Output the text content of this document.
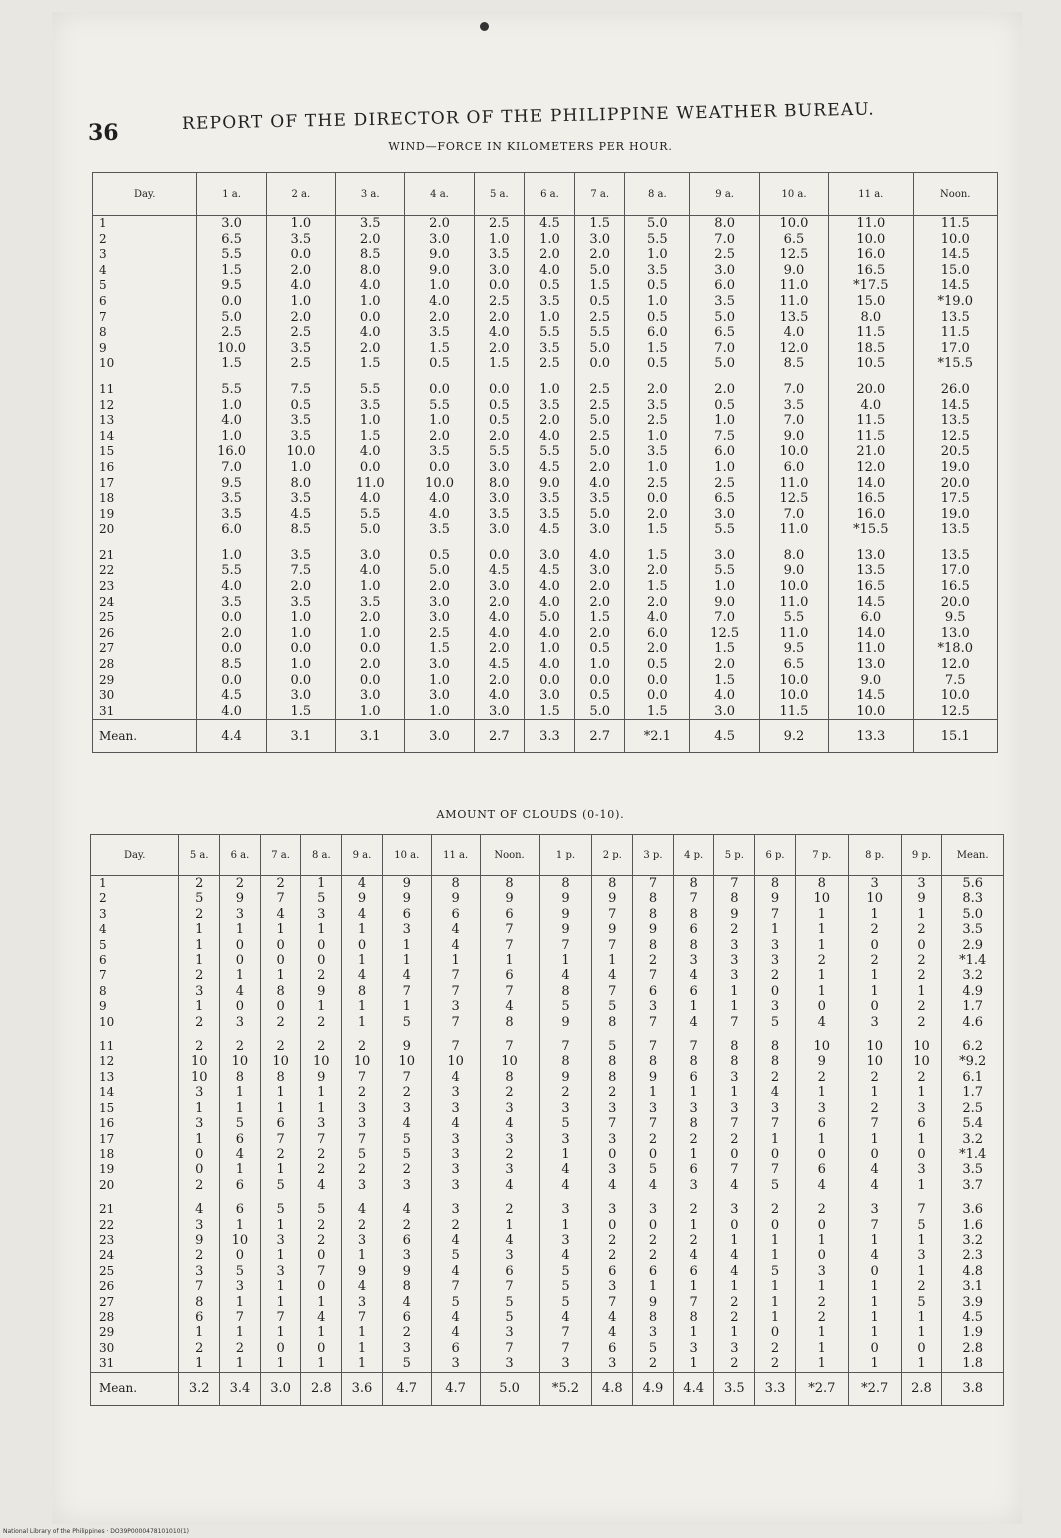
36	REPORT OF THE DIRECTOR OF THE PHILIPPINE WEATHER BUREAU.
WIND—FORCE IN KILOMETERS PER HOUR.
Day.	1 a.	2 a.	3 a.	4 a.	5 a.	6 a.	7 a.	8 a.	9 a.	10 a.	11 a.	Noon.
1	3.0	1.0	3.5	2.0	2.5	4.5	1.5	5.0	8.0	10.0	11.0	11.5
2	6.5	3.5	2.0	3.0	1.0	1.0	3.0	5.5	7.0	6.5	10.0	10.0
3	5.5	0.0	8.5	9.0	3.5	2.0	2.0	1.0	2.5	12.5	16.0	14.5
4	1.5	2.0	8.0	9.0	3.0	4.0	5.0	3.5	3.0	9.0	16.5	15.0
5	9.5	4.0	4.0	1.0	0.0	0.5	1.5	0.5	6.0	11.0	*17.5	14.5
6	0.0	1.0	1.0	4.0	2.5	3.5	0.5	1.0	3.5	11.0	15.0	*19.0
7	5.0	2.0	0.0	2.0	2.0	1.0	2.5	0.5	5.0	13.5	8.0	13.5
8	2.5	2.5	4.0	3.5	4.0	5.5	5.5	6.0	6.5	4.0	11.5	11.5
9	10.0	3.5	2.0	1.5	2.0	3.5	5.0	1.5	7.0	12.0	18.5	17.0
10	1.5	2.5	1.5	0.5	1.5	2.5	0.0	0.5	5.0	8.5	10.5	*15.5

11	5.5	7.5	5.5	0.0	0.0	1.0	2.5	2.0	2.0	7.0	20.0	26.0
12	1.0	0.5	3.5	5.5	0.5	3.5	2.5	3.5	0.5	3.5	4.0	14.5
13	4.0	3.5	1.0	1.0	0.5	2.0	5.0	2.5	1.0	7.0	11.5	13.5
14	1.0	3.5	1.5	2.0	2.0	4.0	2.5	1.0	7.5	9.0	11.5	12.5
15	16.0	10.0	4.0	3.5	5.5	5.5	5.0	3.5	6.0	10.0	21.0	20.5
16	7.0	1.0	0.0	0.0	3.0	4.5	2.0	1.0	1.0	6.0	12.0	19.0
17	9.5	8.0	11.0	10.0	8.0	9.0	4.0	2.5	2.5	11.0	14.0	20.0
18	3.5	3.5	4.0	4.0	3.0	3.5	3.5	0.0	6.5	12.5	16.5	17.5
19	3.5	4.5	5.5	4.0	3.5	3.5	5.0	2.0	3.0	7.0	16.0	19.0
20	6.0	8.5	5.0	3.5	3.0	4.5	3.0	1.5	5.5	11.0	*15.5	13.5

21	1.0	3.5	3.0	0.5	0.0	3.0	4.0	1.5	3.0	8.0	13.0	13.5
22	5.5	7.5	4.0	5.0	4.5	4.5	3.0	2.0	5.5	9.0	13.5	17.0
23	4.0	2.0	1.0	2.0	3.0	4.0	2.0	1.5	1.0	10.0	16.5	16.5
24	3.5	3.5	3.5	3.0	2.0	4.0	2.0	2.0	9.0	11.0	14.5	20.0
25	0.0	1.0	2.0	3.0	4.0	5.0	1.5	4.0	7.0	5.5	6.0	9.5
26	2.0	1.0	1.0	2.5	4.0	4.0	2.0	6.0	12.5	11.0	14.0	13.0
27	0.0	0.0	0.0	1.5	2.0	1.0	0.5	2.0	1.5	9.5	11.0	*18.0
28	8.5	1.0	2.0	3.0	4.5	4.0	1.0	0.5	2.0	6.5	13.0	12.0
29	0.0	0.0	0.0	1.0	2.0	0.0	0.0	0.0	1.5	10.0	9.0	7.5
30	4.5	3.0	3.0	3.0	4.0	3.0	0.5	0.0	4.0	10.0	14.5	10.0
31	4.0	1.5	1.0	1.0	3.0	1.5	5.0	1.5	3.0	11.5	10.0	12.5
Mean.	4.4	3.1	3.1	3.0	2.7	3.3	2.7	*2.1	4.5	9.2	13.3	15.1
AMOUNT OF CLOUDS (0-10).
Day.	5 a.	6 a.	7 a.	8 a.	9 a.	10 a.	11 a.	Noon.	1 p.	2 p.	3 p.	4 p.	5 p.	6 p.	7 p.	8 p.	9 p.	Mean.
1	2	2	2	1	4	9	8	8	8	8	7	8	7	8	8	3	3	5.6
2	5	9	7	5	9	9	9	9	9	9	8	7	8	9	10	10	9	8.3
3	2	3	4	3	4	6	6	6	9	7	8	8	9	7	1	1	1	5.0
4	1	1	1	1	1	3	4	7	9	9	9	6	2	1	1	2	2	3.5
5	1	0	0	0	0	1	4	7	7	7	8	8	3	3	1	0	0	2.9
6	1	0	0	0	1	1	1	1	1	1	2	3	3	3	2	2	2	*1.4
7	2	1	1	2	4	4	7	6	4	4	7	4	3	2	1	1	2	3.2
8	3	4	8	9	8	7	7	7	8	7	6	6	1	0	1	1	1	4.9
9	1	0	0	1	1	1	3	4	5	5	3	1	1	3	0	0	2	1.7
10	2	3	2	2	1	5	7	8	9	8	7	4	7	5	4	3	2	4.6

11	2	2	2	2	2	9	7	7	7	5	7	7	8	8	10	10	10	6.2
12	10	10	10	10	10	10	10	10	8	8	8	8	8	8	9	10	10	*9.2
13	10	8	8	9	7	7	4	8	9	8	9	6	3	2	2	2	2	6.1
14	3	1	1	1	2	2	3	2	2	2	1	1	1	4	1	1	1	1.7
15	1	1	1	1	3	3	3	3	3	3	3	3	3	3	3	2	3	2.5
16	3	5	6	3	3	4	4	4	5	7	7	8	7	7	6	7	6	5.4
17	1	6	7	7	7	5	3	3	3	3	2	2	2	1	1	1	1	3.2
18	0	4	2	2	5	5	3	2	1	0	0	1	0	0	0	0	0	*1.4
19	0	1	1	2	2	2	3	3	4	3	5	6	7	7	6	4	3	3.5
20	2	6	5	4	3	3	3	4	4	4	4	3	4	5	4	4	1	3.7

21	4	6	5	5	4	4	3	2	3	3	3	2	3	2	2	3	7	3.6
22	3	1	1	2	2	2	2	1	1	0	0	1	0	0	0	7	5	1.6
23	9	10	3	2	3	6	4	4	3	2	2	2	1	1	1	1	1	3.2
24	2	0	1	0	1	3	5	3	4	2	2	4	4	1	0	4	3	2.3
25	3	5	3	7	9	9	4	6	5	6	6	6	4	5	3	0	1	4.8
26	7	3	1	0	4	8	7	7	5	3	1	1	1	1	1	1	2	3.1
27	8	1	1	1	3	4	5	5	5	7	9	7	2	1	2	1	5	3.9
28	6	7	7	4	7	6	4	5	4	4	8	8	2	1	2	1	1	4.5
29	1	1	1	1	1	2	4	3	7	4	3	1	1	0	1	1	1	1.9
30	2	2	0	0	1	3	6	7	7	6	5	3	3	2	1	0	0	2.8
31	1	1	1	1	1	5	3	3	3	3	2	1	2	2	1	1	1	1.8
Mean.	3.2	3.4	3.0	2.8	3.6	4.7	4.7	5.0	*5.2	4.8	4.9	4.4	3.5	3.3	*2.7	*2.7	2.8	3.8
National Library of the Philippines · DO39P0000478101010(1)
